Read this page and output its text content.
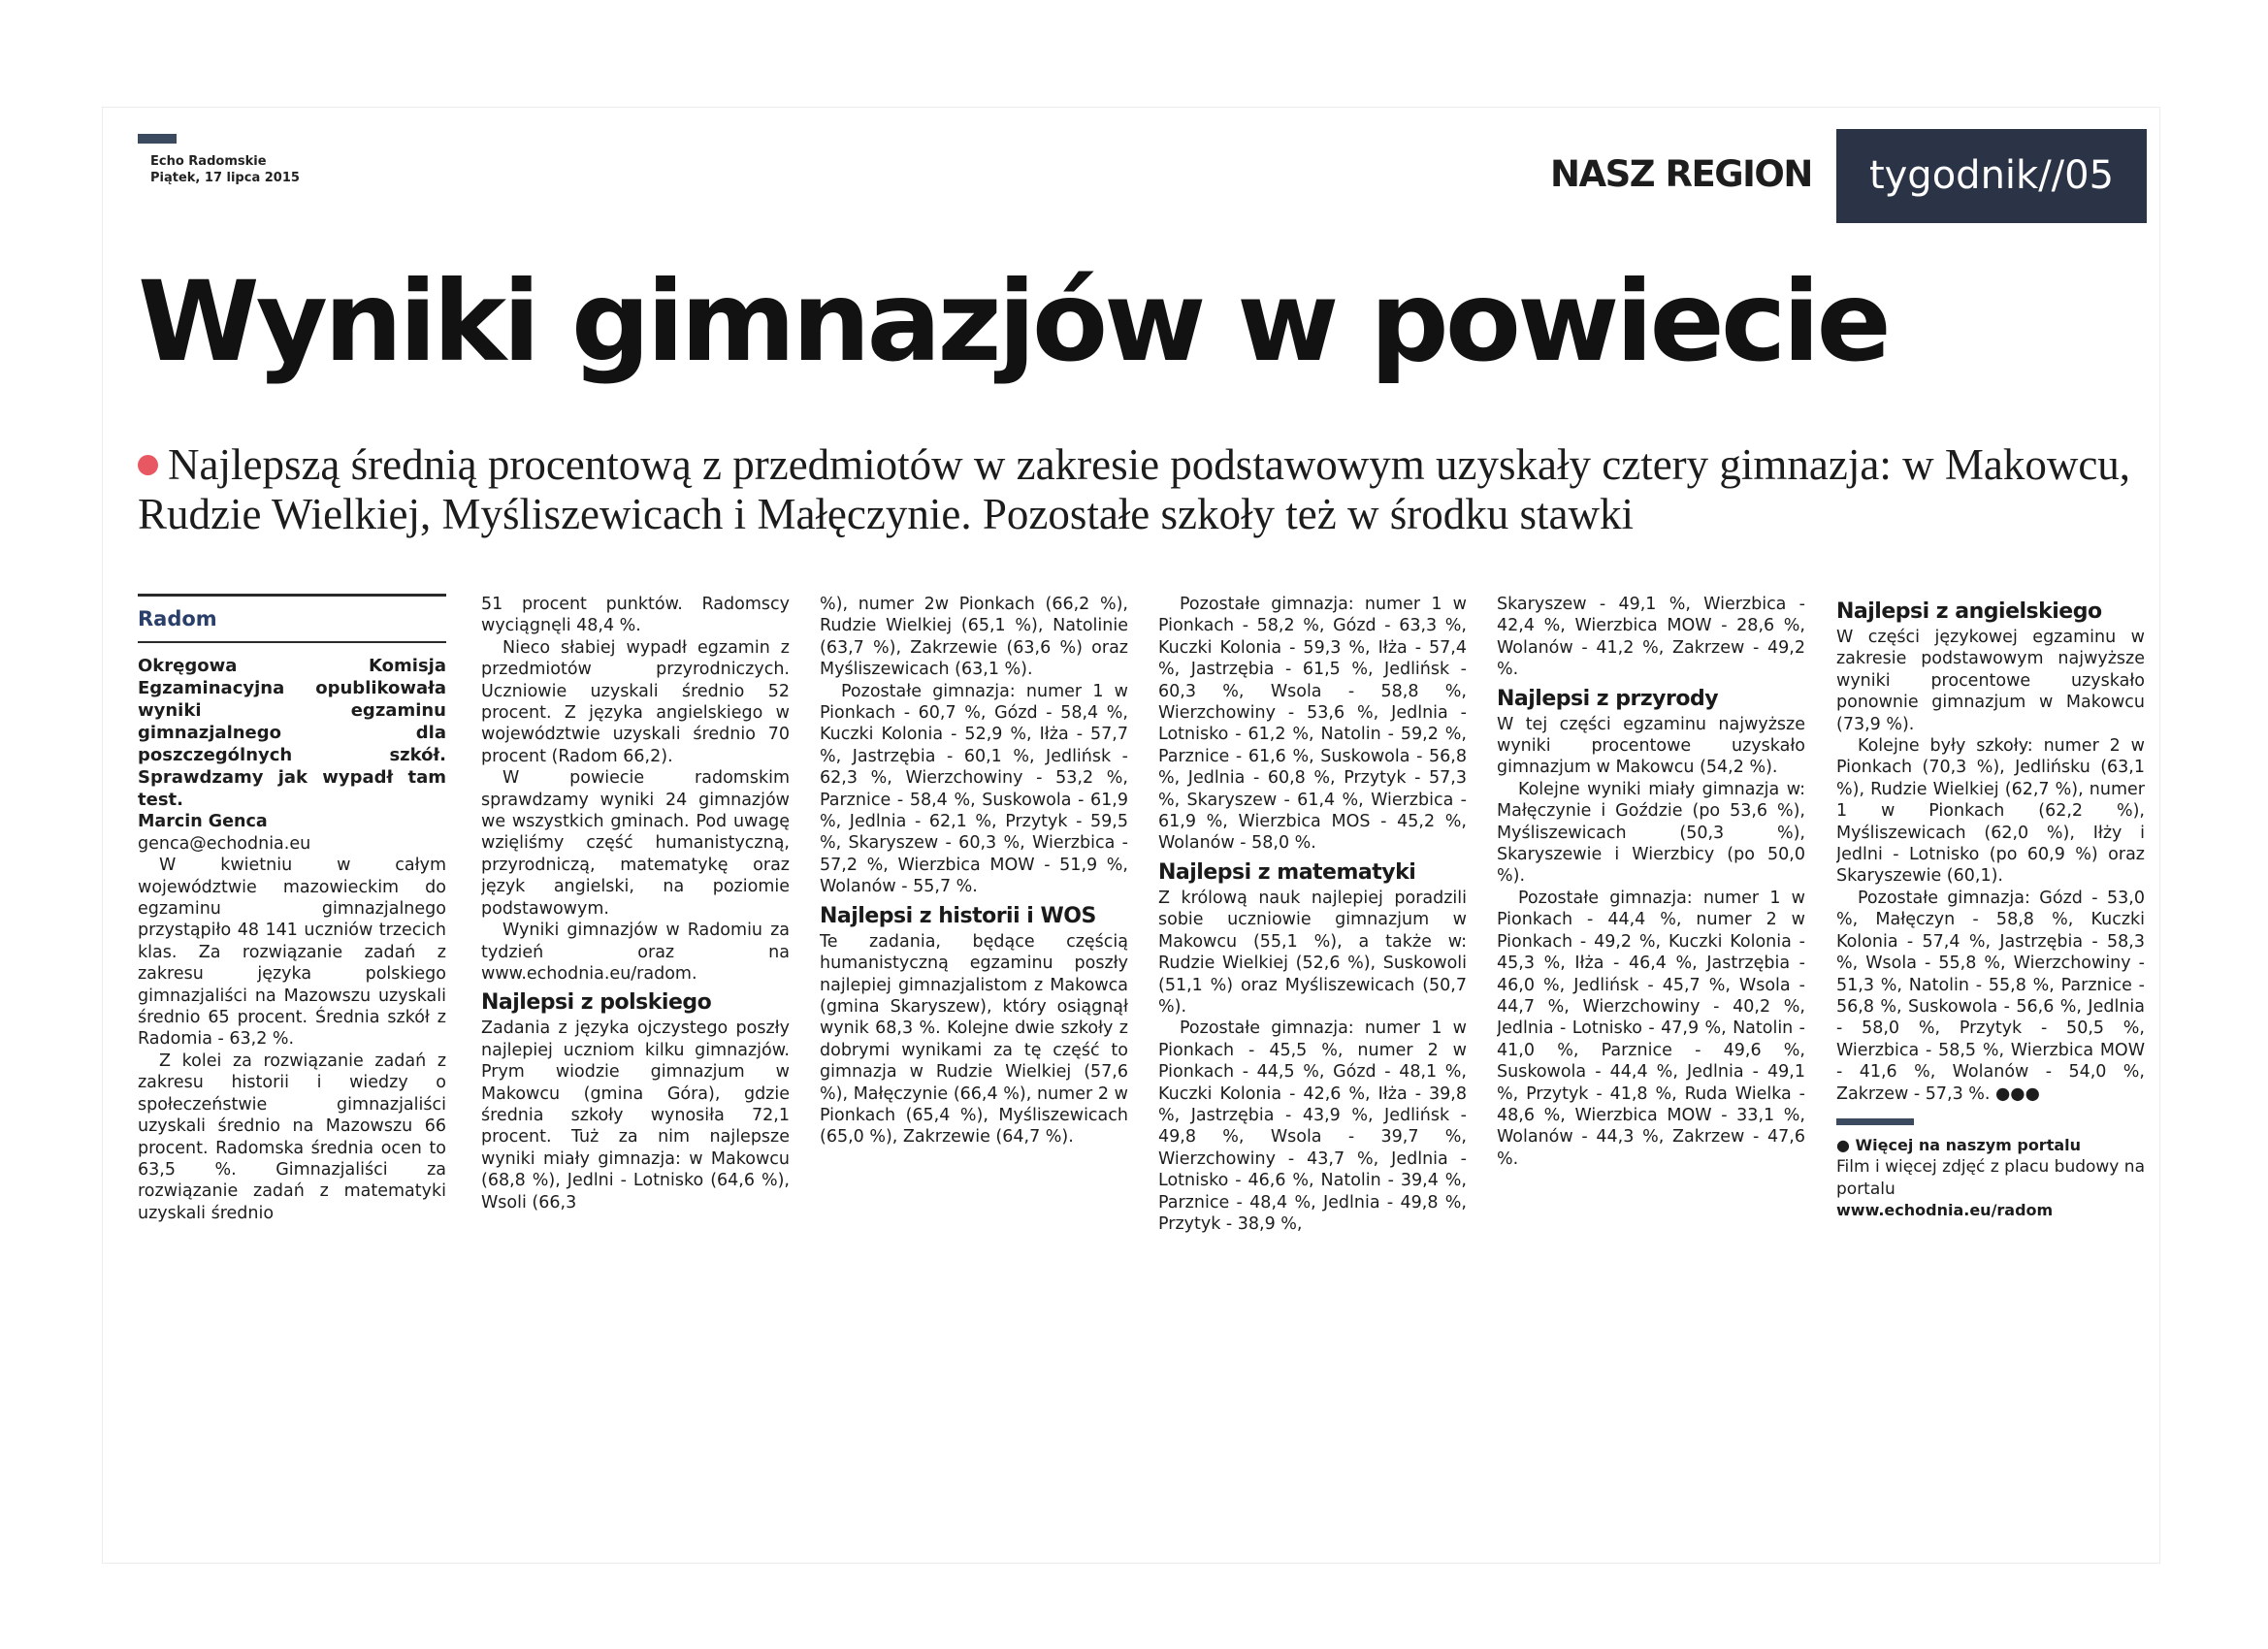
Echo Radomskie
Piątek, 17 lipca 2015	NASZ REGION	tygodnik//05
Wyniki gimnazjów w powiecie
Najlepszą średnią procentową z przedmiotów w zakresie podstawowym uzyskały cztery gimnazja: w Makowcu, Rudzie Wielkiej, Myśliszewicach i Małęczynie. Pozostałe szkoły też w środku stawki
Radom

Okręgowa Komisja Egzaminacyjna opublikowała wyniki egzaminu gimnazjalnego dla poszczególnych szkół. Sprawdzamy jak wypadł tam test.

Marcin Genca

genca@echodnia.eu

W kwietniu w całym województwie mazowieckim do egzaminu gimnazjalnego przystąpiło 48 141 uczniów trzecich klas. Za rozwiązanie zadań z zakresu języka polskiego gimnazjaliści na Mazowszu uzyskali średnio 65 procent. Średnia szkół z Radomia - 63,2 %.

Z kolei za rozwiązanie zadań z zakresu historii i wiedzy o społeczeństwie gimnazjaliści uzyskali średnio na Mazowszu 66 procent. Radomska średnia ocen to 63,5 %. Gimnazjaliści za rozwiązanie zadań z matematyki uzyskali średnio

51 procent punktów. Radomscy wyciągnęli 48,4 %.

Nieco słabiej wypadł egzamin z przedmiotów przyrodniczych. Uczniowie uzyskali średnio 52 procent. Z języka angielskiego w województwie uzyskali średnio 70 procent (Radom 66,2).

W powiecie radomskim sprawdzamy wyniki 24 gimnazjów we wszystkich gminach. Pod uwagę wzięliśmy część humanistyczną, przyrodniczą, matematykę oraz język angielski, na poziomie podstawowym.

Wyniki gimnazjów w Radomiu za tydzień oraz na www.echodnia.eu/radom.

Najlepsi z polskiego

Zadania z języka ojczystego poszły najlepiej uczniom kilku gimnazjów. Prym wiodzie gimnazjum w Makowcu (gmina Góra), gdzie średnia szkoły wynosiła 72,1 procent. Tuż za nim najlepsze wyniki miały gimnazja: w Makowcu (68,8 %), Jedlni - Lotnisko (64,6 %), Wsoli (66,3

%), numer 2w Pionkach (66,2 %), Rudzie Wielkiej (65,1 %), Natolinie (63,7 %), Zakrzewie (63,6 %) oraz Myśliszewicach (63,1 %).

Pozostałe gimnazja: numer 1 w Pionkach - 60,7 %, Gózd - 58,4 %, Kuczki Kolonia - 52,9 %, Iłża - 57,7 %, Jastrzębia - 60,1 %, Jedlińsk - 62,3 %, Wierzchowiny - 53,2 %, Parznice - 58,4 %, Suskowola - 61,9 %, Jedlnia - 62,1 %, Przytyk - 59,5 %, Skaryszew - 60,3 %, Wierzbica - 57,2 %, Wierzbica MOW - 51,9 %, Wolanów - 55,7 %.

Najlepsi z historii i WOS

Te zadania, będące częścią humanistyczną egzaminu poszły najlepiej gimnazjalistom z Makowca (gmina Skaryszew), który osiągnął wynik 68,3 %. Kolejne dwie szkoły z dobrymi wynikami za tę część to gimnazja w Rudzie Wielkiej (57,6 %), Małęczynie (66,4 %), numer 2 w Pionkach (65,4 %), Myśliszewicach (65,0 %), Zakrzewie (64,7 %).

Pozostałe gimnazja: numer 1 w Pionkach - 58,2 %, Gózd - 63,3 %, Kuczki Kolonia - 59,3 %, Iłża - 57,4 %, Jastrzębia - 61,5 %, Jedlińsk - 60,3 %, Wsola - 58,8 %, Wierzchowiny - 53,6 %, Jedlnia - Lotnisko - 61,2 %, Natolin - 59,2 %, Parznice - 61,6 %, Suskowola - 56,8 %, Jedlnia - 60,8 %, Przytyk - 57,3 %, Skaryszew - 61,4 %, Wierzbica - 61,9 %, Wierzbica MOS - 45,2 %, Wolanów - 58,0 %.

Najlepsi z matematyki

Z królową nauk najlepiej poradzili sobie uczniowie gimnazjum w Makowcu (55,1 %), a także w: Rudzie Wielkiej (52,6 %), Suskowoli (51,1 %) oraz Myśliszewicach (50,7 %).

Pozostałe gimnazja: numer 1 w Pionkach - 45,5 %, numer 2 w Pionkach - 44,5 %, Gózd - 48,1 %, Kuczki Kolonia - 42,6 %, Iłża - 39,8 %, Jastrzębia - 43,9 %, Jedlińsk - 49,8 %, Wsola - 39,7 %, Wierzchowiny - 43,7 %, Jedlnia - Lotnisko - 46,6 %, Natolin - 39,4 %, Parznice - 48,4 %, Jedlnia - 49,8 %, Przytyk - 38,9 %,

Skaryszew - 49,1 %, Wierzbica - 42,4 %, Wierzbica MOW - 28,6 %, Wolanów - 41,2 %, Zakrzew - 49,2 %.

Najlepsi z przyrody

W tej części egzaminu najwyższe wyniki procentowe uzyskało gimnazjum w Makowcu (54,2 %).

Kolejne wyniki miały gimnazja w: Małęczynie i Goździe (po 53,6 %), Myśliszewicach (50,3 %), Skaryszewie i Wierzbicy (po 50,0 %).

Pozostałe gimnazja: numer 1 w Pionkach - 44,4 %, numer 2 w Pionkach - 49,2 %, Kuczki Kolonia - 45,3 %, Iłża - 46,4 %, Jastrzębia - 46,0 %, Jedlińsk - 45,7 %, Wsola - 44,7 %, Wierzchowiny - 40,2 %, Jedlnia - Lotnisko - 47,9 %, Natolin - 41,0 %, Parznice - 49,6 %, Suskowola - 44,4 %, Jedlnia - 49,1 %, Przytyk - 41,8 %, Ruda Wielka - 48,6 %, Wierzbica MOW - 33,1 %, Wolanów - 44,3 %, Zakrzew - 47,6 %.

Najlepsi z angielskiego

W części językowej egzaminu w zakresie podstawowym najwyższe wyniki procentowe uzyskało ponownie gimnazjum w Makowcu (73,9 %).

Kolejne były szkoły: numer 2 w Pionkach (70,3 %), Jedlińsku (63,1 %), Rudzie Wielkiej (62,7 %), numer 1 w Pionkach (62,2 %), Myśliszewicach (62,0 %), Iłży i Jedlni - Lotnisko (po 60,9 %) oraz Skaryszewie (60,1).

Pozostałe gimnazja: Gózd - 53,0 %, Małęczyn - 58,8 %, Kuczki Kolonia - 57,4 %, Jastrzębia - 58,3 %, Wsola - 55,8 %, Wierzchowiny - 51,3 %, Natolin - 55,8 %, Parznice - 56,8 %, Suskowola - 56,6 %, Jedlnia - 58,0 %, Przytyk - 50,5 %, Wierzbica - 58,5 %, Wierzbica MOW - 41,6 %, Wolanów - 54,0 %, Zakrzew - 57,3 %. ●●●

● Więcej na naszym portalu

Film i więcej zdjęć z placu budowy na portalu

www.echodnia.eu/radom
